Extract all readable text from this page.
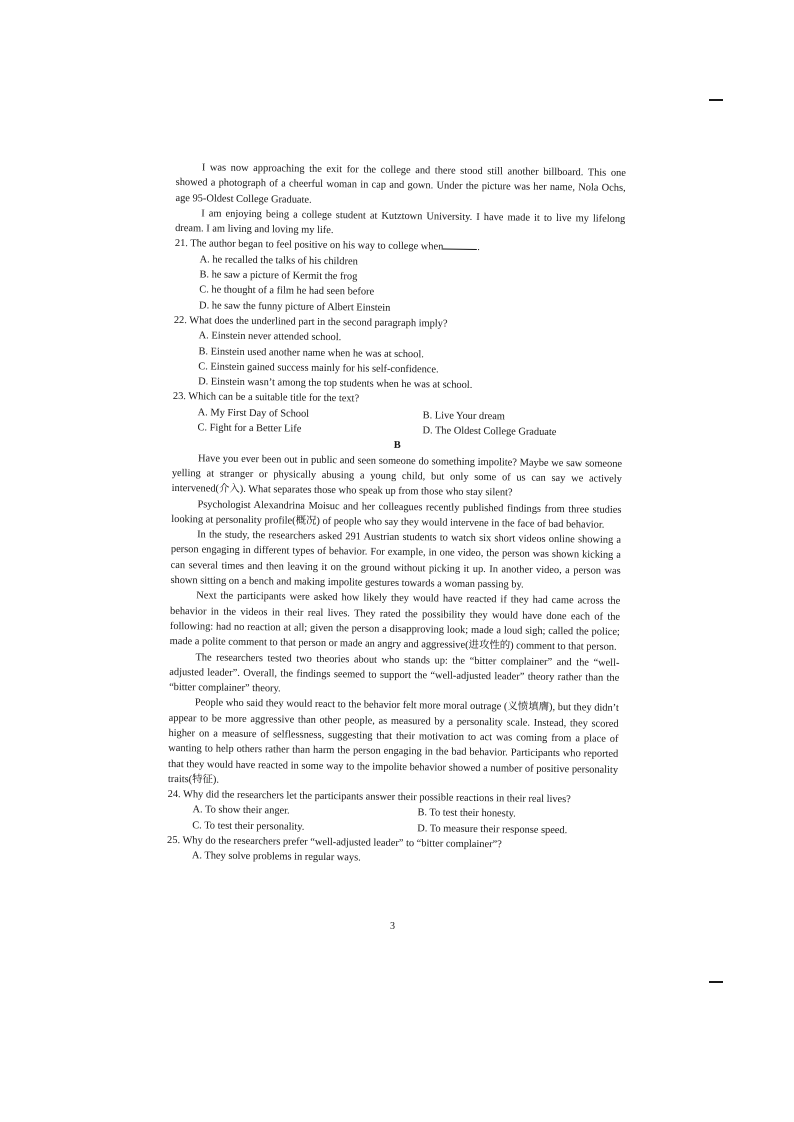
I was now approaching the exit for the college and there stood still another billboard. This one showed a photograph of a cheerful woman in cap and gown. Under the picture was her name, Nola Ochs, age 95-Oldest College Graduate.

I am enjoying being a college student at Kutztown University. I have made it to live my lifelong dream. I am living and loving my life.

21. The author began to feel positive on his way to college when	.

A. he recalled the talks of his children

B. he saw a picture of Kermit the frog

C. he thought of a film he had seen before

D. he saw the funny picture of Albert Einstein

22. What does the underlined part in the second paragraph imply?

A. Einstein never attended school.

B. Einstein used another name when he was at school.

C. Einstein gained success mainly for his self-confidence.

D. Einstein wasn’t among the top students when he was at school.

23. Which can be a suitable title for the text?

A. My First Day of School	B. Live Your dream

C. Fight for a Better Life	D. The Oldest College Graduate

B

Have you ever been out in public and seen someone do something impolite? Maybe we saw someone yelling at stranger or physically abusing a young child, but only some of us can say we actively intervened(介入). What separates those who speak up from those who stay silent?

Psychologist Alexandrina Moisuc and her colleagues recently published findings from three studies looking at personality profile(概况) of people who say they would intervene in the face of bad behavior.

In the study, the researchers asked 291 Austrian students to watch six short videos online showing a person engaging in different types of behavior. For example, in one video, the person was shown kicking a can several times and then leaving it on the ground without picking it up. In another video, a person was shown sitting on a bench and making impolite gestures towards a woman passing by.

Next the participants were asked how likely they would have reacted if they had came across the behavior in the videos in their real lives. They rated the possibility they would have done each of the following: had no reaction at all; given the person a disapproving look; made a loud sigh; called the police; made a polite comment to that person or made an angry and aggressive(进攻性的) comment to that person.

The researchers tested two theories about who stands up: the “bitter complainer” and the “well-adjusted leader”. Overall, the findings seemed to support the “well-adjusted leader” theory rather than the “bitter complainer” theory.

People who said they would react to the behavior felt more moral outrage (义愤填膺), but they didn’t appear to be more aggressive than other people, as measured by a personality scale. Instead, they scored higher on a measure of selflessness, suggesting that their motivation to act was coming from a place of wanting to help others rather than harm the person engaging in the bad behavior. Participants who reported that they would have reacted in some way to the impolite behavior showed a number of positive personality traits(特征).

24. Why did the researchers let the participants answer their possible reactions in their real lives?

A. To show their anger.	B. To test their honesty.

C. To test their personality.	D. To measure their response speed.

25. Why do the researchers prefer “well-adjusted leader” to “bitter complainer”?

A. They solve problems in regular ways.

3
